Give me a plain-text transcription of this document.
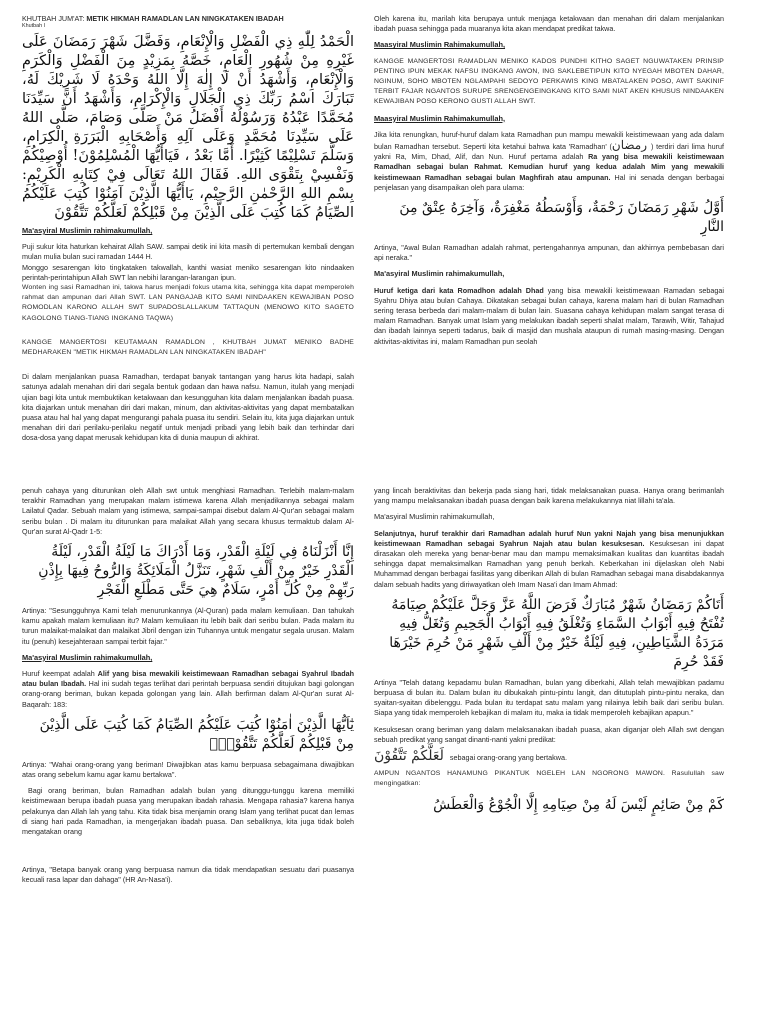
KHUTBAH JUM'AT: METIK HIKMAH RAMADLAN LAN NINGKATAKEN IBADAH

Khutbah I

الْحَمْدُ لِلّٰهِ ذِي الْفَضْلِ وَالْإِنْعَامِ، وَفَضَّلَ شَهْرَ رَمَضَانَ عَلَى غَيْرِهِ مِنْ شُهُورِ الْعَامِ، خَصَّهُ بِمَزِيْدٍ مِنَ الْفَضْلِ وَالْكَرَمِ وَالْإِنْعَامِ، وَأَشْهَدُ أَنْ لَا إِلٰهَ إِلَّا اللهُ وَحْدَهُ لَا شَرِيْكَ لَهُ، تَبَارَكَ اسْمُ رَبِّكَ ذِي الْجَلَالِ وَالْإِكْرَامِ، وَأَشْهَدُ أَنَّ سَيِّدَنَا مُحَمَّدًا عَبْدُهُ وَرَسُوْلُهُ أَفْضَلُ مَنْ صَلَّى وَصَامَ، صَلَّى اللهُ عَلَى سَيِّدِنَا مُحَمَّدٍ وَعَلَى آلِهِ وَأَصْحَابِهِ الْبَرَرَةِ الْكِرَامِ، وَسَلَّمَ تَسْلِيْمًا كَثِيْرًا. أَمَّا بَعْدُ ، فَيَاأَيُّهَا الْمُسْلِمُوْنَ! أُوْصِيْكُمْ وَنَفْسِيْ بِتَقْوَى اللهِ. فَقَالَ اللهُ تَعَالَى فِيْ كِتَابِهِ الْكَرِيْمِ: بِسْمِ اللهِ الرَّحْمٰنِ الرَّحِيْمِ، يَاأَيُّهَا الَّذِيْنَ آمَنُوْا كُتِبَ عَلَيْكُمُ الصِّيَامُ كَمَا كُتِبَ عَلَى الَّذِيْنَ مِنْ قَبْلِكُمْ لَعَلَّكُمْ تَتَّقُوْنَ

Ma'asyiral Muslimin rahimakumullah,

Puji sukur kita haturkan kehairat Allah SAW. sampai detik ini kita masih di pertemukan kembali dengan mulan mulia bulan suci ramadan 1444 H.

Monggo sesarengan kito tingkataken takwallah, kanthi wasiat meniko sesarengan kito nindaaken perintah-perintahipun Allah SWT lan nebihi larangan-larangan ipun.

Wonten ing sasi Ramadhan ini, takwa harus menjadi fokus utama kita, sehingga kita dapat memperoleh rahmat dan ampunan dari Allah SWT. LAN PANGAJAB KITO SAMI NINDAAKEN KEWAJIBAN POSO ROMODLAN KARONO ALLAH SWT SUPADOSLALLAKUM TATTAQUN (MENOWO KITO SAGETO KAGOLONG TIANG-TIANG INGKANG TAQWA)

KANGGE MANGERTOSI KEUTAMAAN RAMADLON , KHUTBAH JUMAT MENIKO BADHE MEDHARAKEN "METIK HIKMAH RAMADLAN LAN NINGKATAKEN IBADAH"

Di dalam menjalankan puasa Ramadhan, terdapat banyak tantangan yang harus kita hadapi, salah satunya adalah menahan diri dari segala bentuk godaan dan hawa nafsu. Namun, itulah yang menjadi ujian bagi kita untuk membuktikan ketakwaan dan kesungguhan kita dalam menjalankan ibadah puasa. kita diajarkan untuk menahan diri dari makan, minum, dan aktivitas-aktivitas yang dapat membatalkan puasa atau hal hal yang dapat mengurangi pahala puasa itu sendiri. Selain itu, kita juga diajarkan untuk menahan diri dari perilaku-perilaku negatif untuk menjadi pribadi yang lebih baik dan terhindar dari dosa-dosa yang dapat merusak kehidupan kita di dunia maupun di akhirat.

Oleh karena itu, marilah kita berupaya untuk menjaga ketakwaan dan menahan diri dalam menjalankan ibadah puasa sehingga pada muaranya kita akan mendapat predikat takwa.

Maasyiral Muslimin Rahimakumullah,

KANGGE MANGERTOSI RAMADLAN MENIKO KADOS PUNDHI KITHO SAGET NGUWATAKEN PRINSIP PENTING IPUN MEKAK NAFSU INGKANG AWON, ING SAKLEBETIPUN KITO NYEGAH MBOTEN DAHAR, NGINUM, SOHO MBOTEN NGLAMPAHI SEDOYO PERKAWIS KING MBATALAKEN POSO, AWIT SAKINIF TERBIT FAJAR NGANTOS SURUPE SRENGENGEINGKANG KITO SAMI NIAT AKEN KHUSUS NINDAAKEN KEWAJIBAN POSO KERONO GUSTI ALLAH SWT.

Maasyiral Muslimin Rahimakumullah,

Jika kita renungkan, huruf-huruf dalam kata Ramadhan pun mampu mewakili keistimewaan yang ada dalam bulan Ramadhan tersebut. Seperti kita ketahui bahwa kata 'Ramadhan' (رمضان ) terdiri dari lima huruf yakni Ra, Mim, Dhad, Alif, dan Nun. Huruf pertama adalah Ra yang bisa mewakili keistimewaan Ramadhan sebagai bulan Rahmat. Kemudian huruf yang kedua adalah Mim yang mewakili keistimewaan Ramadhan sebagai bulan Maghfirah atau ampunan. Hal ini senada dengan berbagai penjelasan yang disampaikan oleh para ulama:

أَوَّلُ شَهْرِ رَمَضَانَ رَحْمَةٌ، وَأَوْسَطُهُ مَغْفِرَةٌ، وَآخِرَهُ عِتْقٌ مِنَ النَّارِ

Artinya, "Awal Bulan Ramadhan adalah rahmat, pertengahannya ampunan, dan akhirnya pembebasan dari api neraka."

Ma'asyiral Muslimin rahimakumullah,

Huruf ketiga dari kata Romadhon adalah Dhad yang bisa mewakili keistimewaan Ramadan sebagai Syahru Dhiya atau bulan Cahaya. Dikatakan sebagai bulan cahaya, karena malam hari di bulan Ramadhan sering terasa berbeda dari malam-malam di bulan lain. Suasana cahaya kehidupan malam sangat terasa di malam Ramadhan. Banyak umat Islam yang melakukan ibadah seperti shalat malam, Tarawih, Witir, Tahajud dan ibadah lainnya seperti tadarus, baik di masjid dan mushala ataupun di rumah masing-masing. Dengan aktivitas-aktivitas ini, malam Ramadhan pun seolah

penuh cahaya yang diturunkan oleh Allah swt untuk menghiasi Ramadhan. Terlebih malam-malam terakhir Ramadhan yang merupakan malam istimewa karena Allah menjadikannya sebagai malam Lailatul Qadar. Sebuah malam yang istimewa, sampai-sampai disebut dalam Al-Qur'an sebagai malam seribu bulan . Di malam itu diturunkan para malaikat Allah yang secara khusus termaktub dalam Al-Qur'an surat Al-Qadr 1-5:

إِنَّا أَنْزَلْنَاهُ فِي لَيْلَةِ الْقَدْرِ، وَمَا أَدْرَاكَ مَا لَيْلَةُ الْقَدْرِ، لَيْلَةُ الْقَدْرِ خَيْرٌ مِنْ أَلْفِ شَهْرٍ، تَنَزَّلُ الْمَلَائِكَةُ وَالرُّوحُ فِيهَا بِإِذْنِ رَبِّهِمْ مِنْ كُلِّ أَمْرٍ، سَلَامٌ هِيَ حَتَّى مَطْلَعِ الْفَجْرِ

Artinya: "Sesungguhnya Kami telah menurunkannya (Al-Quran) pada malam kemuliaan. Dan tahukah kamu apakah malam kemuliaan itu? Malam kemuliaan itu lebih baik dari seribu bulan. Pada malam itu turun malaikat-malaikat dan malaikat Jibril dengan izin Tuhannya untuk mengatur segala urusan. Malam itu (penuh) kesejahteraan sampai terbit fajar."

Ma'asyiral Muslimin rahimakumullah,

Huruf keempat adalah Alif yang bisa mewakili keistimewaan Ramadhan sebagai Syahrul Ibadah atau bulan Ibadah. Hal ini sudah tegas terlihat dari perintah berpuasa sendiri ditujukan bagi golongan orang-orang beriman, bukan kepada golongan yang lain. Allah berfirman dalam Al-Qur'an surat Al-Baqarah: 183:

يٰٓاَيُّهَا الَّذِيْنَ اٰمَنُوْا كُتِبَ عَلَيْكُمُ الصِّيَامُ كَمَا كُتِبَ عَلَى الَّذِيْنَ مِنْ قَبْلِكُمْ لَعَلَّكُمْ تَتَّقُوْنَۙ

Artinya: "Wahai orang-orang yang beriman! Diwajibkan atas kamu berpuasa sebagaimana diwajibkan atas orang sebelum kamu agar kamu bertakwa".

Bagi orang beriman, bulan Ramadhan adalah bulan yang ditunggu-tunggu karena memiliki keistimewaan berupa ibadah puasa yang merupakan ibadah rahasia. Mengapa rahasia? karena hanya pelakunya dan Allah lah yang tahu. Kita tidak bisa menjamin orang Islam yang terlihat pucat dan lemas di siang hari pada Ramadhan, ia mengerjakan ibadah puasa. Dan sebaliknya, kita juga tidak boleh mengatakan orang

Artinya, "Betapa banyak orang yang berpuasa namun dia tidak mendapatkan sesuatu dari puasanya kecuali rasa lapar dan dahaga" (HR An-Nasa'i).

yang lincah beraktivitas dan bekerja pada siang hari, tidak melaksanakan puasa. Hanya orang berimanlah yang mampu melaksanakan ibadah puasa dengan baik karena melakukannya niat lillahi ta'ala.

Ma'asyiral Muslimin rahimakumullah,

Selanjutnya, huruf terakhir dari Ramadhan adalah huruf Nun yakni Najah yang bisa menunjukkan keistimewaan Ramadhan sebagai Syahrun Najah atau bulan kesuksesan. Kesuksesan ini dapat dirasakan oleh mereka yang benar-benar mau dan mampu memaksimalkan kualitas dan kuantitas ibadah sehingga dapat memaksimalkan Ramadhan yang penuh berkah. Keberkahan ini dijelaskan oleh Nabi Muhammad dengan berbagai fasilitas yang diberikan Allah di bulan Ramadhan sebagai mana disabdakannya dalam sebuah hadits yang diriwayatkan oleh Imam Nasa'i dan Imam Ahmad:

أَتَاكُمْ رَمَضَانُ شَهْرٌ مُبَارَكٌ فَرَضَ اللَّهُ عَزَّ وَجَلَّ عَلَيْكُمْ صِيَامَهُ تُفْتَحُ فِيهِ أَبْوَابُ السَّمَاءِ وَتُغْلَقُ فِيهِ أَبْوَابُ الْجَحِيمِ وَتُغَلُّ فِيهِ مَرَدَةُ الشَّيَاطِينِ، فِيهِ لَيْلَةٌ خَيْرٌ مِنْ أَلْفِ شَهْرٍ مَنْ حُرِمَ خَيْرَهَا فَقَدْ حُرِمَ

Artinya "Telah datang kepadamu bulan Ramadhan, bulan yang diberkahi, Allah telah mewajibkan padamu berpuasa di bulan itu. Dalam bulan itu dibukakah pintu-pintu langit, dan ditutuplah pintu-pintu neraka, dan syaitan-syaitan dibelenggu. Pada bulan itu terdapat satu malam yang nilainya lebih baik dari seribu bulan. Siapa yang tidak memperoleh kebajikan di malam itu, maka ia tidak memperoleh kebajikan apapun."

Kesuksesan orang beriman yang dalam melaksanakan ibadah puasa, akan diganjar oleh Allah swt dengan sebuah predikat yang sangat dinanti-nanti yakni predikat:

لَعَلَّكُمْ تَتَّقُوْنَ sebagai orang-orang yang bertakwa.

AMPUN NGANTOS HANAMUNG PIKANTUK NGELEH LAN NGORONG MAWON. Rasulullah saw mengingatkan:

كَمْ مِنْ صَائِمٍ لَيْسَ لَهُ مِنْ صِيَامِهِ إِلَّا الْجُوْعُ وَالْعَطَشُ
